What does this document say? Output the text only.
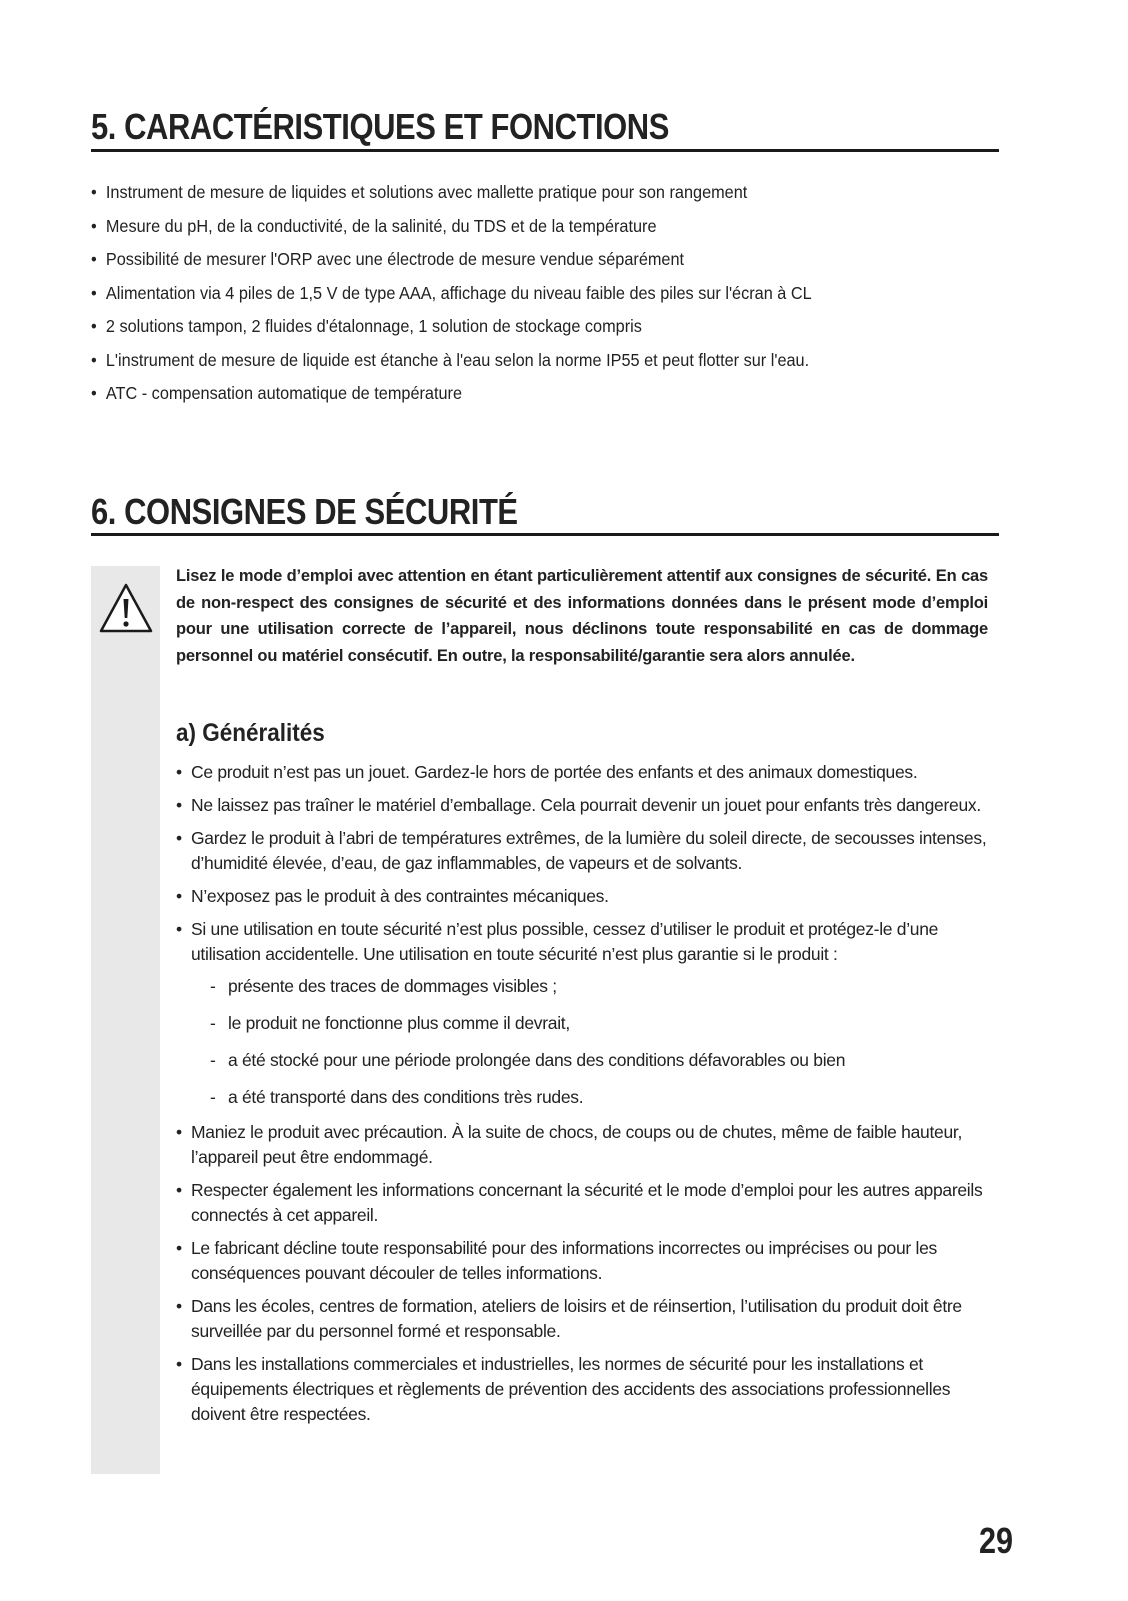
5. CARACTÉRISTIQUES ET FONCTIONS
• Instrument de mesure de liquides et solutions avec mallette pratique pour son rangement
• Mesure du pH, de la conductivité, de la salinité, du TDS et de la température
• Possibilité de mesurer l'ORP avec une électrode de mesure vendue séparément
• Alimentation via 4 piles de 1,5 V de type AAA, affichage du niveau faible des piles sur l'écran à CL
• 2 solutions tampon, 2 fluides d'étalonnage, 1 solution de stockage compris
• L'instrument de mesure de liquide est étanche à l'eau selon la norme IP55 et peut flotter sur l'eau.
• ATC - compensation automatique de température
6. CONSIGNES DE SÉCURITÉ
Lisez le mode d’emploi avec attention en étant particulièrement attentif aux consignes de sécurité. En cas de non-respect des consignes de sécurité et des informations données dans le présent mode d’emploi pour une utilisation correcte de l’appareil, nous déclinons toute responsabilité en cas de dommage personnel ou matériel consécutif. En outre, la responsabilité/garantie sera alors annulée.
a) Généralités
• Ce produit n’est pas un jouet. Gardez-le hors de portée des enfants et des animaux domestiques.
• Ne laissez pas traîner le matériel d’emballage. Cela pourrait devenir un jouet pour enfants très dangereux.
• Gardez le produit à l’abri de températures extrêmes, de la lumière du soleil directe, de secousses intenses, d’humidité élevée, d’eau, de gaz inflammables, de vapeurs et de solvants.
• N’exposez pas le produit à des contraintes mécaniques.
• Si une utilisation en toute sécurité n’est plus possible, cessez d’utiliser le produit et protégez-le d’une utilisation accidentelle. Une utilisation en toute sécurité n’est plus garantie si le produit :
- présente des traces de dommages visibles ;
- le produit ne fonctionne plus comme il devrait,
- a été stocké pour une période prolongée dans des conditions défavorables ou bien
- a été transporté dans des conditions très rudes.
• Maniez le produit avec précaution. À la suite de chocs, de coups ou de chutes, même de faible hauteur, l’appareil peut être endommagé.
• Respecter également les informations concernant la sécurité et le mode d’emploi pour les autres appareils connectés à cet appareil.
• Le fabricant décline toute responsabilité pour des informations incorrectes ou imprécises ou pour les conséquences pouvant découler de telles informations.
• Dans les écoles, centres de formation, ateliers de loisirs et de réinsertion, l’utilisation du produit doit être surveillée par du personnel formé et responsable.
• Dans les installations commerciales et industrielles, les normes de sécurité pour les installations et équipements électriques et règlements de prévention des accidents des associations professionnelles doivent être respectées.
29
